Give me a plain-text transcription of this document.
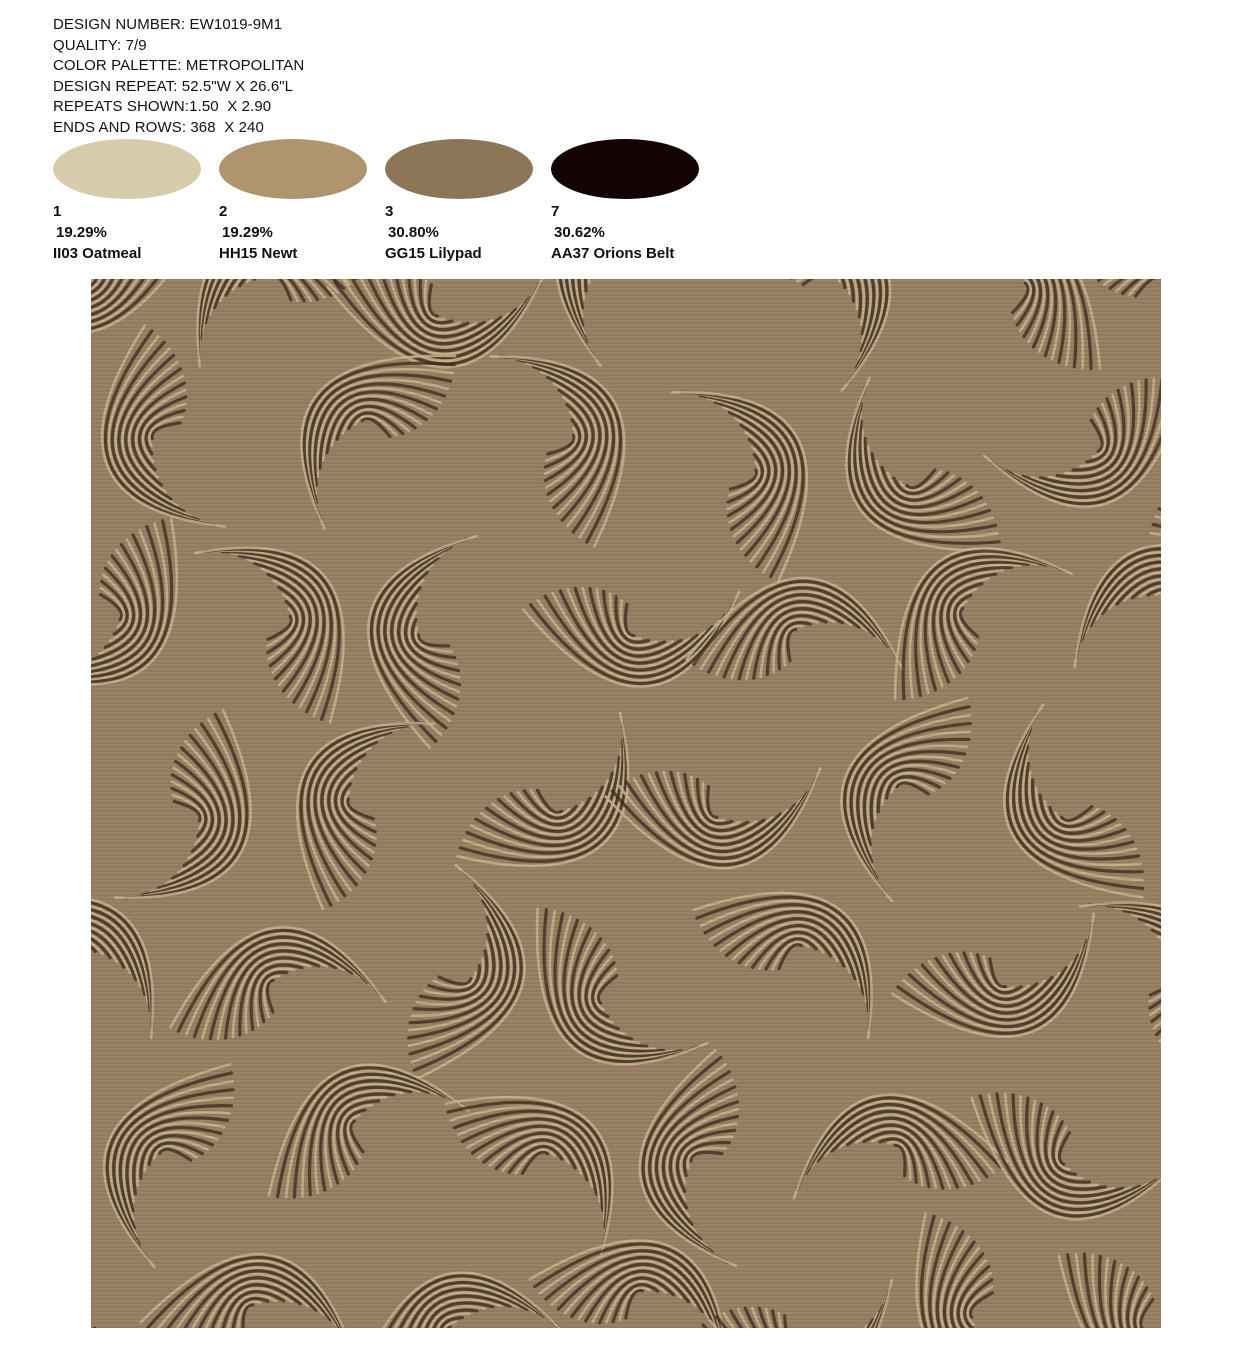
DESIGN NUMBER: EW1019-9M1
QUALITY: 7/9
COLOR PALETTE: METROPOLITAN
DESIGN REPEAT: 52.5"W X 26.6"L
REPEATS SHOWN:1.50  X 2.90
ENDS AND ROWS: 368  X 240
1
19.29%
II03 Oatmeal
2
19.29%
HH15 Newt
3
30.80%
GG15 Lilypad
7
30.62%
AA37 Orions Belt
